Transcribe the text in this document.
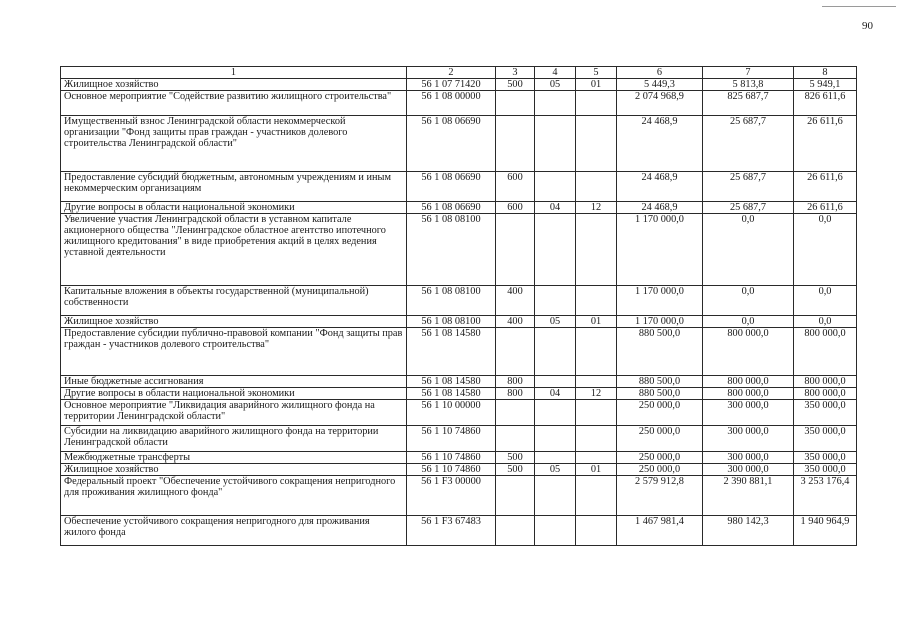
90
1	2	3	4	5	6	7	8
Жилищное хозяйство	56 1 07 71420	500	05	01	5 449,3	5 813,8	5 949,1
Основное мероприятие "Содействие развитию жилищного строительства"	56 1 08 00000				2 074 968,9	825 687,7	826 611,6
Имущественный взнос Ленинградской области некоммерческой организации "Фонд защиты прав граждан - участников долевого строительства Ленинградской области"	56 1 08 06690				24 468,9	25 687,7	26 611,6
Предоставление субсидий бюджетным, автономным учреждениям и иным некоммерческим организациям	56 1 08 06690	600			24 468,9	25 687,7	26 611,6
Другие вопросы в области национальной экономики	56 1 08 06690	600	04	12	24 468,9	25 687,7	26 611,6
Увеличение участия Ленинградской области в уставном капитале акционерного общества "Ленинградское областное агентство ипотечного жилищного кредитования" в виде приобретения акций в целях ведения уставной деятельности	56 1 08 08100				1 170 000,0	0,0	0,0
Капитальные вложения в объекты государственной (муниципальной) собственности	56 1 08 08100	400			1 170 000,0	0,0	0,0
Жилищное хозяйство	56 1 08 08100	400	05	01	1 170 000,0	0,0	0,0
Предоставление субсидии публично-правовой компании "Фонд защиты прав граждан - участников долевого строительства"	56 1 08 14580				880 500,0	800 000,0	800 000,0
Иные бюджетные ассигнования	56 1 08 14580	800			880 500,0	800 000,0	800 000,0
Другие вопросы в области национальной экономики	56 1 08 14580	800	04	12	880 500,0	800 000,0	800 000,0
Основное мероприятие "Ликвидация аварийного жилищного фонда на территории Ленинградской области"	56 1 10 00000				250 000,0	300 000,0	350 000,0
Субсидии на ликвидацию аварийного жилищного фонда на территории Ленинградской области	56 1 10 74860				250 000,0	300 000,0	350 000,0
Межбюджетные трансферты	56 1 10 74860	500			250 000,0	300 000,0	350 000,0
Жилищное хозяйство	56 1 10 74860	500	05	01	250 000,0	300 000,0	350 000,0
Федеральный проект "Обеспечение устойчивого сокращения непригодного для проживания жилищного фонда"	56 1 F3 00000				2 579 912,8	2 390 881,1	3 253 176,4
Обеспечение устойчивого сокращения непригодного для проживания жилого фонда	56 1 F3 67483				1 467 981,4	980 142,3	1 940 964,9
